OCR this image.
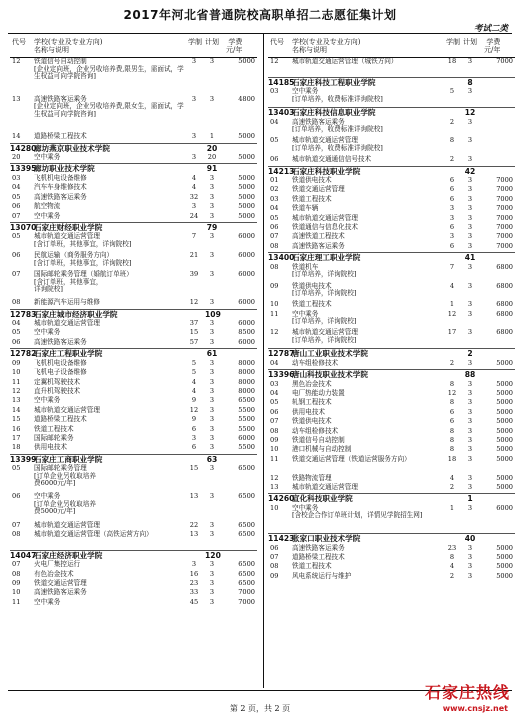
2017年河北省普通院校高职单招二志愿征集计划
考试二类
代号 学校(专业及专业方向)
名称与说明
学制 计划	学费
元/年
12	铁道信号自动控制
[企业定向班，企业另收培养费,限男生，需面试，学生权益可向学院咨询]
3	3	5000
13	高速铁路客运乘务
[企业定向班，企业另收培养费,限女生，需面试，学生权益可向学院咨询]
3	3	4800
14	道路桥梁工程技术	3	1	5000
14280
廊坊燕京职业技术学院	20
20	空中乘务	3	20	5000
13395
廊坊职业技术学院	91
03	飞机机电设备维修	4	3	5000
04	汽车车身维修技术	4	3	5000
05	高速铁路客运乘务	32	3	5000
06	航空物流	3	3	5000
07	空中乘务	24	3	5000
13070
石家庄财经职业学院	79
05	城市轨道交通运营管理
[含订单班，其他事宜，详询院校]
7	3	6000
06	民航运输（商务服务方向）
[含订单班，其他事宜，详询院校]
21	3	6000
07	国际邮轮乘务管理（婚航订单班）
[含订单班，其他事宜，
详询院校]
39	3	6000
08	新能源汽车运用与维修	12	3	6000
12783
石家庄城市经济职业学院	109
04	城市轨道交通运营管理	37	3	6000
05	空中乘务	15	3	8500
06	高速铁路客运乘务	57	3	6000
12782
石家庄工程职业学院	61
09	飞机机电设备维修	5	3	8000
10	飞机电子设备维修	5	3	8000
11	定翼机驾驶技术	4	3	8000
12	直升机驾驶技术	4	3	8000
13	空中乘务	9	3	6500
14	城市轨道交通运营管理	12	3	5500
15	道路桥梁工程技术	9	3	5500
16	铁道工程技术	6	3	5500
17	国际邮轮乘务	3	3	6000
18	供用电技术	6	3	5500
13399
石家庄工商职业学院	63
05	国际邮轮乘务管理
[订单企业另收取培养
费6000元/年]
15	3	6500
06	空中乘务
[订单企业另收取培养
费5000元/年]
13	3	6500
07	城市轨道交通运营管理	22	3	6500
08	城市轨道交通运营管理（高铁运营方向）	13	3	6500
14047
石家庄经济职业学院	120
07	火电厂集控运行	3	3	6500
08	有色冶金技术	16	3	6500
09	铁道交通运营管理	23	3	6500
10	高速铁路客运乘务	33	3	7000
11	空中乘务	45	3	7000
代号 学校(专业及专业方向)
名称与说明
学制 计划	学费
元/年
12	城市轨道交通运营管理（城铁方向）	18	3	7000
14185
石家庄科技工程职业学院	8
03	空中乘务
[订单培养，收费标准详询院校]
5	3
13403
石家庄科技信息职业学院	12
04	高速铁路客运乘务
[订单培养，收费标准详询院校]
2	3
05	城市轨道交通运营管理
[订单培养，收费标准详询院校]
8	3
06	城市轨道交通通信信号技术	2	3
14213
石家庄科技职业学院	42
01	铁道供电技术	6	3	7000
02	铁道交通运营管理	6	3	7000
03	铁道工程技术	6	3	7000
04	铁道车辆	3	3	7000
05	城市轨道交通运营管理	3	3	7000
06	铁道通信与信息化技术	6	3	7000
07	高速铁道工程技术	3	3	7000
08	高速铁路客运乘务	6	3	7000
13400
石家庄理工职业学院	41
08	铁道机车
[订单培养，详询院校]
7	3	6800
09	铁道供电技术
[订单培养，详询院校]
4	3	6800
10	铁道工程技术	1	3	6800
11	空中乘务
[订单培养，详询院校]
12	3	6800
12	城市轨道交通运营管理
[订单培养，详询院校]
17	3	6800
12787
唐山工业职业技术学院	2
04	动车组检修技术	2	3	5000
13396
唐山科技职业技术学院	88
03	黑色冶金技术	8	3	5000
04	电厂热能动力装置	12	3	5000
05	轧钢工程技术	8	3	5000
06	供用电技术	6	3	5000
07	铁道供电技术	6	3	5000
08	动车组检修技术	8	3	5000
09	铁道信号自动控制	8	3	5000
10	港口机械与自动控制	8	3	5000
11	铁道交通运营管理（铁道运营服务方向）	18	3	5000
12	铁路物流管理	4	3	5000
13	城市轨道交通运营管理	2	3	5000
14260
宣化科技职业学院	1
10	空中乘务
[含校企合作订单班计划，详情见学院招生网]
1	3	6000
11423
张家口职业技术学院	40
06	高速铁路客运乘务	23	3	5000
07	道路桥梁工程技术	8	3	5000
08	铁道工程技术	4	3	5000
09	风电系统运行与维护	2	3	5000
第 2 页，共 2 页
石家庄热线
www.cnsjz.net
